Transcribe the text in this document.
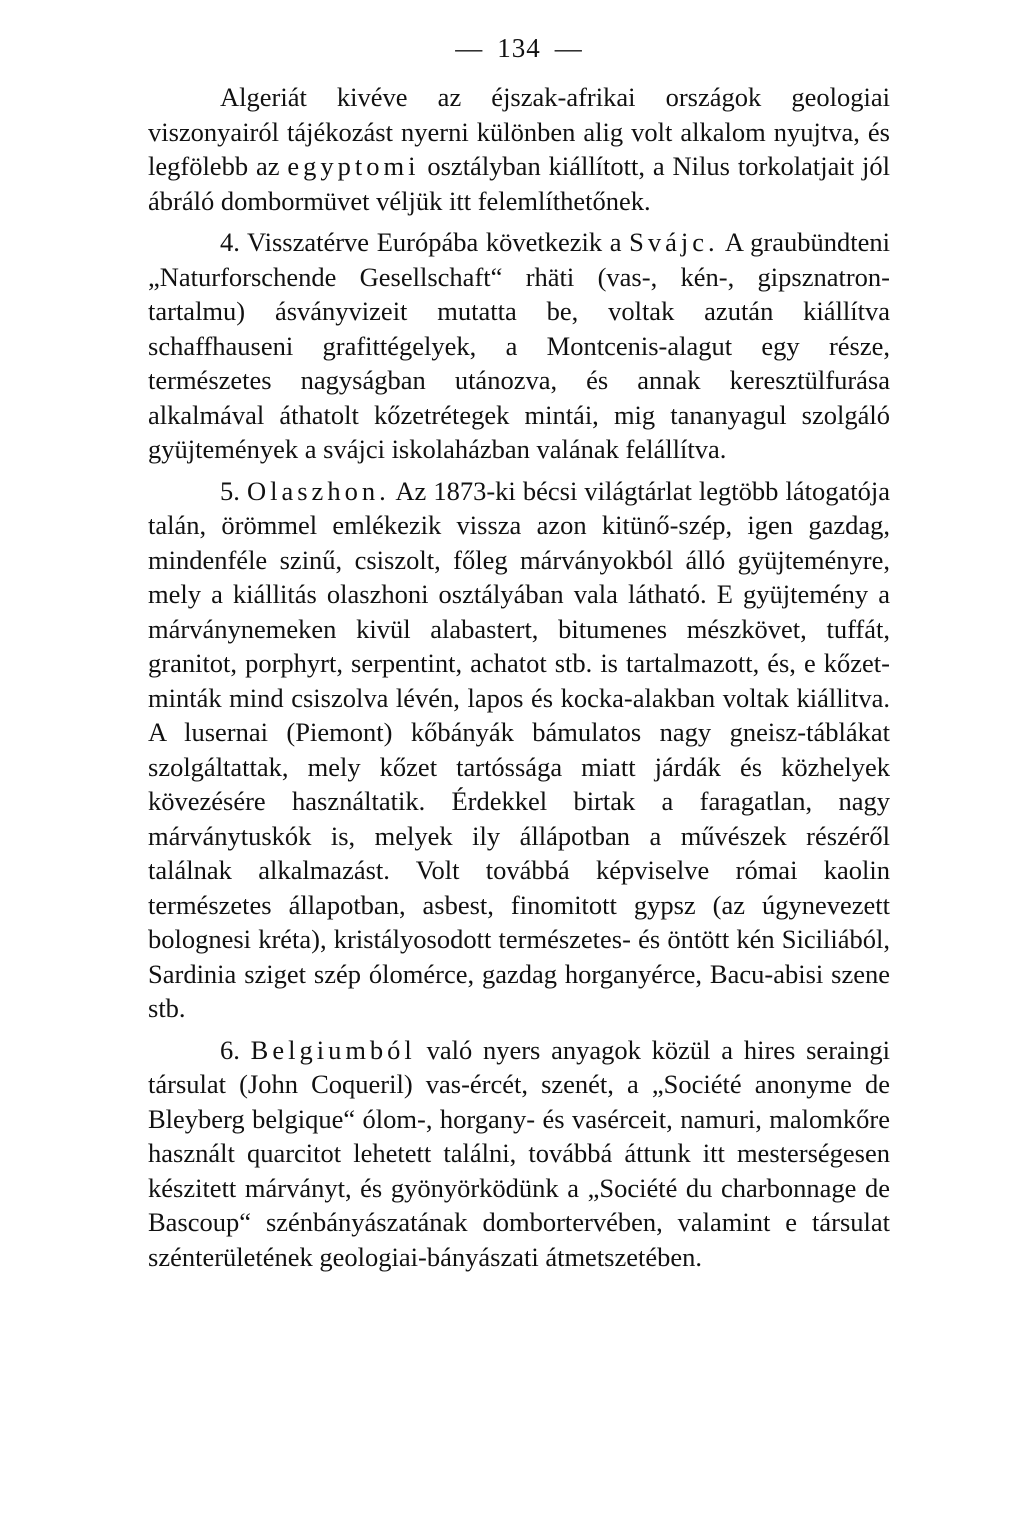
— 134 —

Algeriát kivéve az éjszak-afrikai országok geologiai viszonyairól tájékozást nyerni különben alig volt alkalom nyujtva, és legfölebb az egyptomi osztályban kiállított, a Nilus torkolatjait jól ábráló dombormüvet véljük itt felemlíthetőnek.

4. Visszatérve Európába következik a Svájc. A graubündteni „Naturforschende Gesellschaft“ rhäti (vas-, kén-, gipsznatron-tartalmu) ásványvizeit mutatta be, voltak azután kiállítva schaffhauseni grafittégelyek, a Montcenis-alagut egy része, természetes nagyságban utánozva, és annak keresztülfurása alkalmával áthatolt kőzetrétegek mintái, mig tananyagul szolgáló gyüjtemények a svájci iskolaházban valának felállítva.

5. Olaszhon. Az 1873-ki bécsi világtárlat legtöbb látogatója talán, örömmel emlékezik vissza azon kitünő-szép, igen gazdag, mindenféle szinű, csiszolt, főleg márványokból álló gyüjteményre, mely a kiállitás olaszhoni osztályában vala látható. E gyüjtemény a márványnemeken kivül alabastert, bitumenes mészkövet, tuffát, granitot, porphyrt, serpentint, achatot stb. is tartalmazott, és, e kőzet-minták mind csiszolva lévén, lapos és kocka-alakban voltak kiállitva. A lusernai (Piemont) kőbányák bámulatos nagy gneisz-táblákat szolgáltattak, mely kőzet tartóssága miatt járdák és közhelyek kövezésére használtatik. Érdekkel birtak a faragatlan, nagy márványtuskók is, melyek ily állápotban a művészek részéről találnak alkalmazást. Volt továbbá képviselve római kaolin természetes állapotban, asbest, finomitott gypsz (az úgynevezett bolognesi kréta), kristályosodott természetes- és öntött kén Siciliából, Sardinia sziget szép ólomérce, gazdag horganyérce, Bacu-abisi szene stb.

6. Belgiumból való nyers anyagok közül a hires seraingi társulat (John Coqueril) vas-ércét, szenét, a „Société anonyme de Bleyberg belgique“ ólom-, horgany- és vasérceit, namuri, malomkőre használt quarcitot lehetett találni, továbbá áttunk itt mesterségesen készitett márványt, és gyönyörködünk a „Société du charbonnage de Bascoup“ szénbányászatának dombortervében, valamint e társulat szénterületének geologiai-bányászati átmetszetében.
